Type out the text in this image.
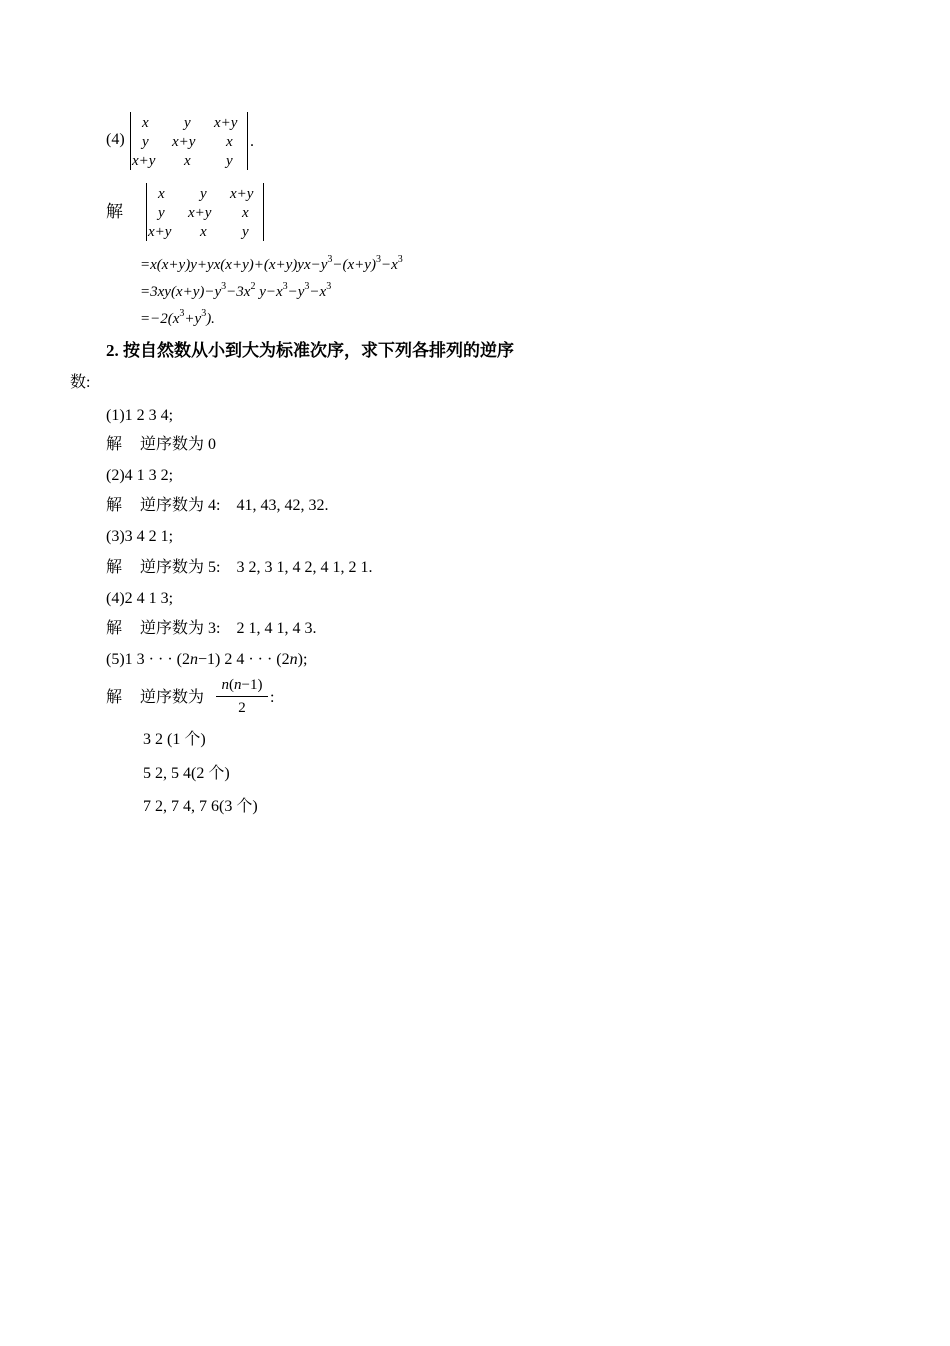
(4)
x y x+y
y x+y x
x+y x y
.
解
x y x+y
y x+y x
x+y x y
$=x(x+y)y+yx(x+y)+(x+y)yx-y^3-(x+y)^3-x^3$
$=3xy(x+y)-y^3-3x^2$ $y-x^3-y^3-x^3$
$=-2(x^3+y^3)$.
2. 按自然数从小到大为标准次序，求下列各排列的逆序
数:
(1)1 2 3 4;
解 逆序数为 0
(2)4 1 3 2;
解 逆序数为 4:    41, 43, 42, 32.
(3)3 4 2 1;
解 逆序数为 5:    3 2, 3 1, 4 2, 4 1, 2 1.
(4)2 4 1 3;
解 逆序数为 3:    2 1, 4 1, 4 3.
(5)1 3 · · · (2n−1) 2 4 · · · (2n);
解 逆序数为
n(n−1)
2
:
3 2 (1 个)
5 2, 5 4(2 个)
7 2, 7 4, 7 6(3 个)
